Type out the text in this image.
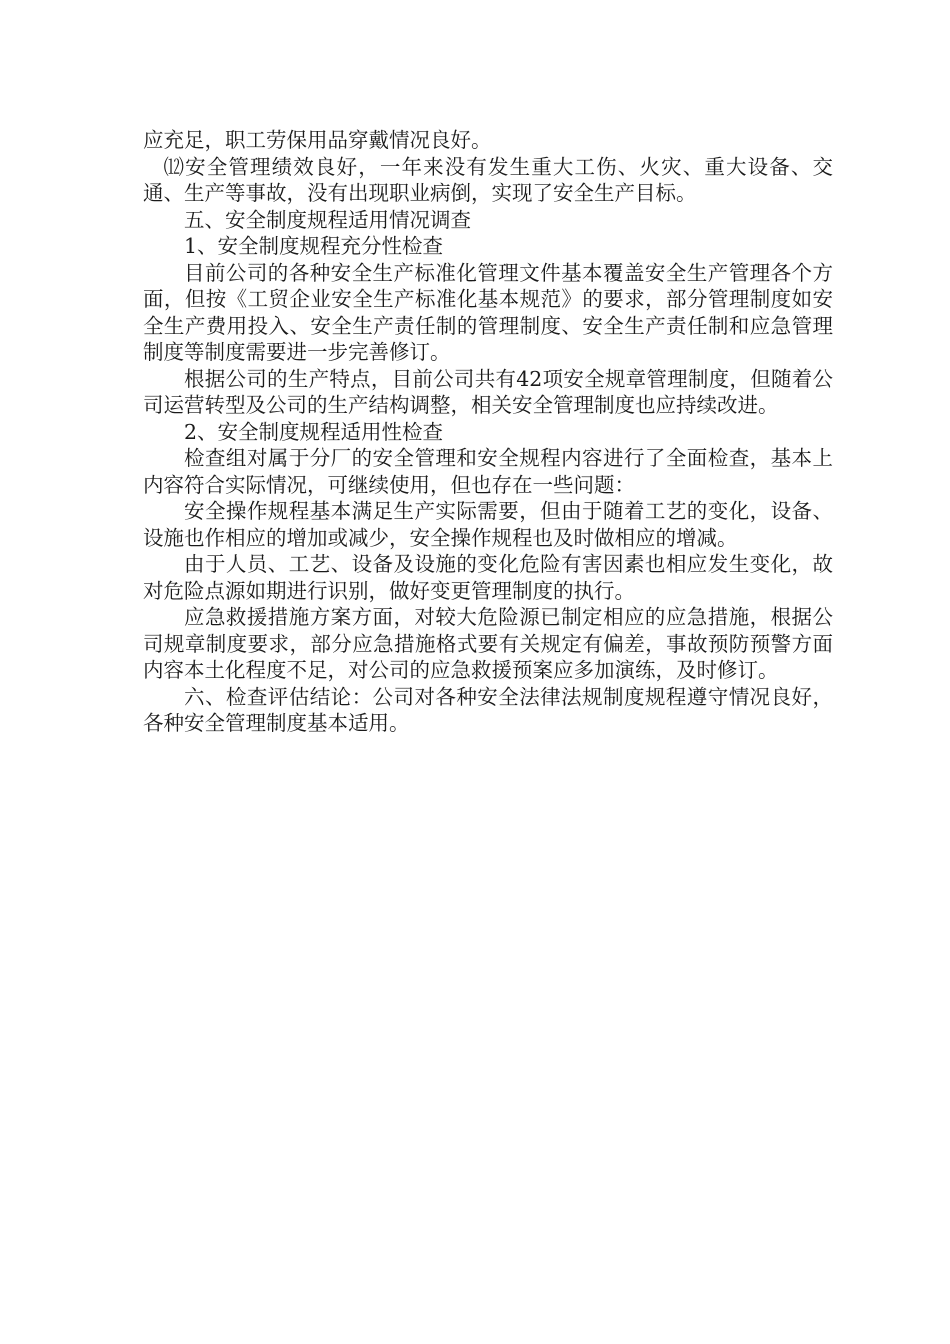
应充足，职工劳保用品穿戴情况良好。

⑿安全管理绩效良好，一年来没有发生重大工伤、火灾、重大设备、交通、生产等事故，没有出现职业病倒，实现了安全生产目标。

五、安全制度规程适用情况调查

1、安全制度规程充分性检查

目前公司的各种安全生产标准化管理文件基本覆盖安全生产管理各个方面，但按《工贸企业安全生产标准化基本规范》的要求，部分管理制度如安全生产费用投入、安全生产责任制的管理制度、安全生产责任制和应急管理制度等制度需要进一步完善修订。

根据公司的生产特点，目前公司共有42项安全规章管理制度，但随着公司运营转型及公司的生产结构调整，相关安全管理制度也应持续改进。

2、安全制度规程适用性检查

检查组对属于分厂的安全管理和安全规程内容进行了全面检查，基本上内容符合实际情况，可继续使用，但也存在一些问题：

安全操作规程基本满足生产实际需要，但由于随着工艺的变化，设备、设施也作相应的增加或减少，安全操作规程也及时做相应的增减。

由于人员、工艺、设备及设施的变化危险有害因素也相应发生变化，故对危险点源如期进行识别，做好变更管理制度的执行。

应急救援措施方案方面，对较大危险源已制定相应的应急措施，根据公司规章制度要求，部分应急措施格式要有关规定有偏差，事故预防预警方面内容本土化程度不足，对公司的应急救援预案应多加演练，及时修订。

六、检查评估结论：公司对各种安全法律法规制度规程遵守情况良好，各种安全管理制度基本适用。
